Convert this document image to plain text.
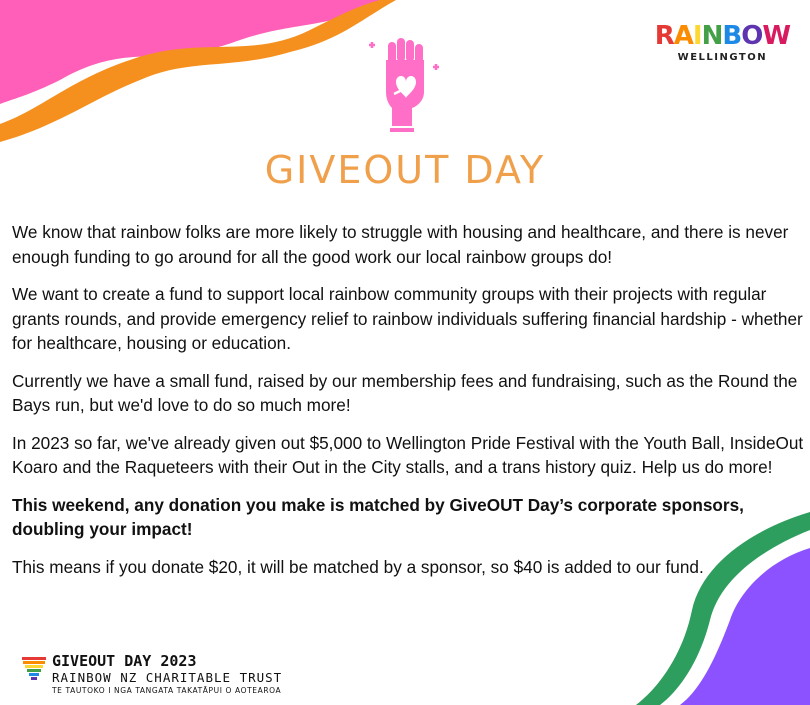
RAINBOW
WELLINGTON
GIVEOUT DAY

We know that rainbow folks are more likely to struggle with housing and healthcare, and there is never enough funding to go around for all the good work our local rainbow groups do!

We want to create a fund to support local rainbow community groups with their projects with regular grants rounds, and provide emergency relief to rainbow individuals suffering financial hardship - whether for healthcare, housing or education.

Currently we have a small fund, raised by our membership fees and fundraising, such as the Round the Bays run, but we'd love to do so much more!

In 2023 so far, we've already given out $5,000 to Wellington Pride Festival with the Youth Ball, InsideOut Koaro and the Raqueteers with their Out in the City stalls, and a trans history quiz. Help us do more!

This weekend, any donation you make is matched by GiveOUT Day’s corporate sponsors, doubling your impact!

This means if you donate $20, it will be matched by a sponsor, so $40 is added to our fund.

GIVEOUT DAY 2023
RAINBOW NZ CHARITABLE TRUST
TE TAUTOKO I NGA TANGATA TAKATĀPUI O AOTEAROA
